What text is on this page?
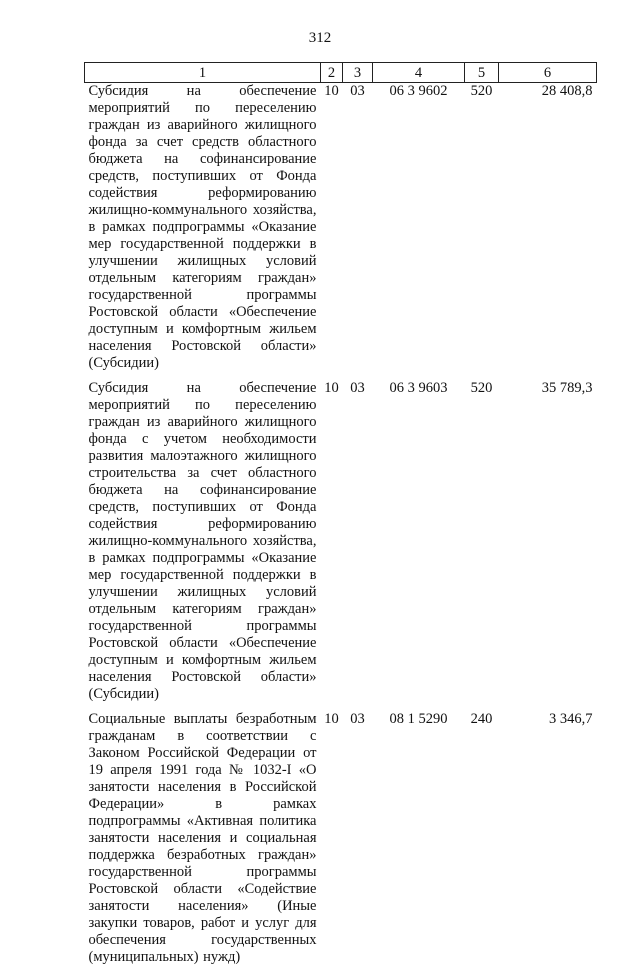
312
1	2	3	4	5	6
Субсидия на обеспечение мероприятий по переселению граждан из аварийного жилищного фонда за счет средств областного бюджета на софинансирование средств, поступивших от Фонда содействия реформированию жилищно-коммунального хозяйства, в рамках подпрограммы «Оказание мер государственной поддержки в улучшении жилищных условий отдельным категориям граждан» государственной программы Ростовской области «Обеспечение доступным и комфортным жильем населения Ростовской области» (Субсидии)	10	03	06 3 9602	520	28 408,8
Субсидия на обеспечение мероприятий по переселению граждан из аварийного жилищного фонда с учетом необходимости развития малоэтажного жилищного строительства за счет областного бюджета на софинансирование средств, поступивших от Фонда содействия реформированию жилищно-коммунального хозяйства, в рамках подпрограммы «Оказание мер государственной поддержки в улучшении жилищных условий отдельным категориям граждан» государственной программы Ростовской области «Обеспечение доступным и комфортным жильем населения Ростовской области» (Субсидии)	10	03	06 3 9603	520	35 789,3
Социальные выплаты безработным гражданам в соответствии с Законом Российской Федерации от 19 апреля 1991 года № 1032-I «О занятости населения в Российской Федерации» в рамках подпрограммы «Активная политика занятости населения и социальная поддержка безработных граждан» государственной программы Ростовской области «Содействие занятости населения» (Иные закупки товаров, работ и услуг для обеспечения государственных (муниципальных) нужд)	10	03	08 1 5290	240	3 346,7
